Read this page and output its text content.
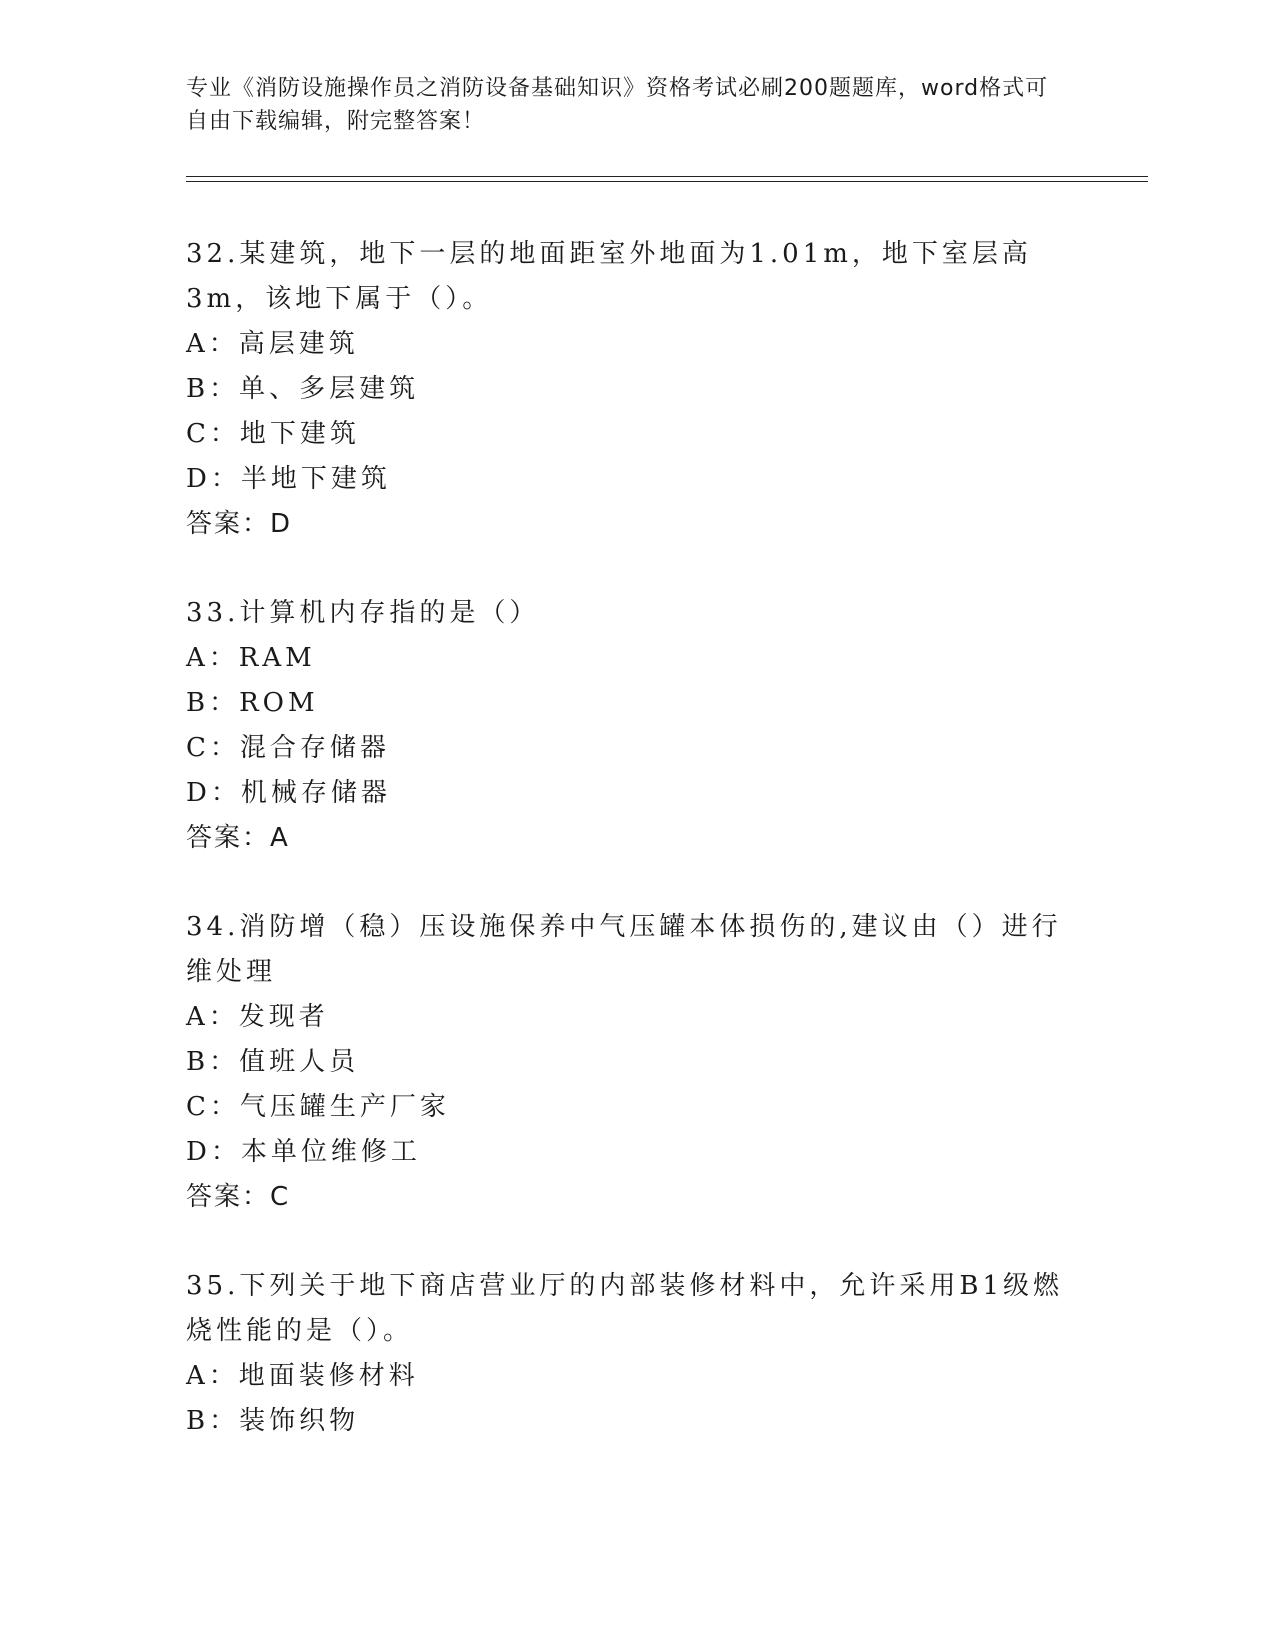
专业《消防设施操作员之消防设备基础知识》资格考试必刷200题题库，word格式可自由下载编辑，附完整答案！
32.某建筑，地下一层的地面距室外地面为1.01m，地下室层高3m，该地下属于（）。
A：高层建筑
B：单、多层建筑
C：地下建筑
D：半地下建筑
答案：D
33.计算机内存指的是（）
A：RAM
B：ROM
C：混合存储器
D：机械存储器
答案：A
34.消防增（稳）压设施保养中气压罐本体损伤的,建议由（）进行维处理
A：发现者
B：值班人员
C：气压罐生产厂家
D：本单位维修工
答案：C
35.下列关于地下商店营业厅的内部装修材料中，允许采用B1级燃烧性能的是（）。
A：地面装修材料
B：装饰织物
